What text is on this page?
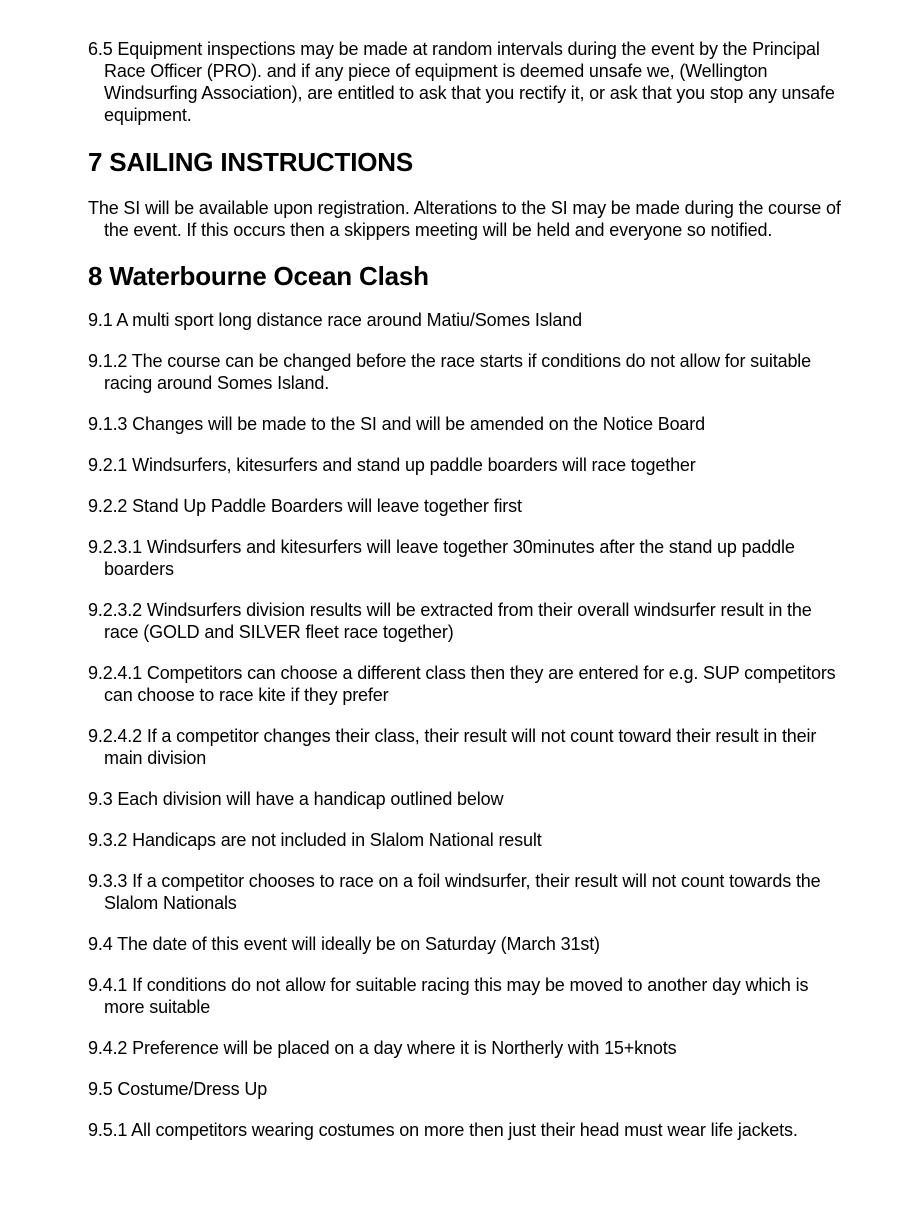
6.5 Equipment inspections may be made at random intervals during the event by the Principal Race Officer (PRO). and if any piece of equipment is deemed unsafe we, (Wellington Windsurfing Association), are entitled to ask that you rectify it, or ask that you stop any unsafe equipment.

7 SAILING INSTRUCTIONS

The SI will be available upon registration. Alterations to the SI may be made during the course of the event. If this occurs then a skippers meeting will be held and everyone so notified.

8 Waterbourne Ocean Clash

9.1 A multi sport long distance race around Matiu/Somes Island

9.1.2 The course can be changed before the race starts if conditions do not allow for suitable racing around Somes Island.

9.1.3 Changes will be made to the SI and will be amended on the Notice Board

9.2.1 Windsurfers, kitesurfers and stand up paddle boarders will race together

9.2.2 Stand Up Paddle Boarders will leave together first

9.2.3.1 Windsurfers and kitesurfers will leave together 30minutes after the stand up paddle boarders

9.2.3.2 Windsurfers division results will be extracted from their overall windsurfer result in the race (GOLD and SILVER fleet race together)

9.2.4.1 Competitors can choose a different class then they are entered for e.g. SUP competitors can choose to race kite if they prefer

9.2.4.2 If a competitor changes their class, their result will not count toward their result in their main division

9.3 Each division will have a handicap outlined below

9.3.2 Handicaps are not included in Slalom National result

9.3.3 If a competitor chooses to race on a foil windsurfer, their result will not count towards the Slalom Nationals

9.4 The date of this event will ideally be on Saturday (March 31st)

9.4.1 If conditions do not allow for suitable racing this may be moved to another day which is more suitable

9.4.2 Preference will be placed on a day where it is Northerly with 15+knots

9.5 Costume/Dress Up

9.5.1 All competitors wearing costumes on more then just their head must wear life jackets.
